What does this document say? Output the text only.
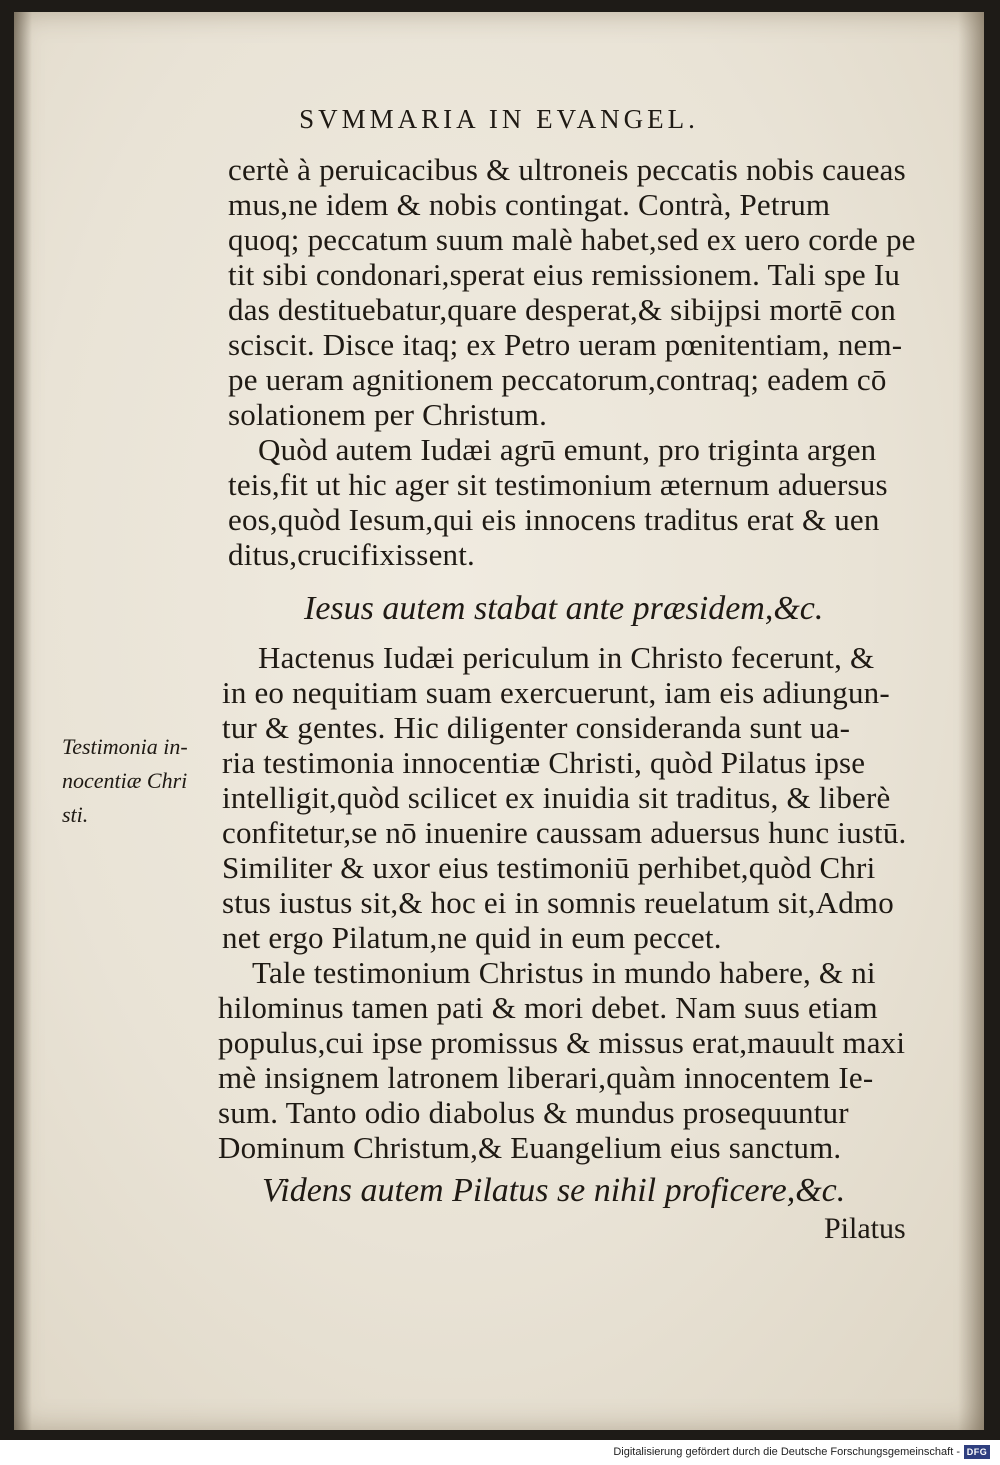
SVMMARIA IN EVANGEL.
certè à peruicacibus & ultroneis peccatis nobis caueas
mus,ne idem & nobis contingat. Contrà, Petrum
quoq; peccatum suum malè habet,sed ex uero corde pe
tit sibi condonari,sperat eius remissionem. Tali spe Iu
das destituebatur,quare desperat,& sibijpsi mortē con
sciscit. Disce itaq; ex Petro ueram pœnitentiam, nem-
pe ueram agnitionem peccatorum,contraq; eadem cō
solationem per Christum.
Quòd autem Iudæi agrū emunt, pro triginta argen
teis,fit ut hic ager sit testimonium æternum aduersus
eos,quòd Iesum,qui eis innocens traditus erat & uen
ditus,crucifixissent.
Iesus autem stabat ante præsidem,&c.
Testimonia in-
nocentiæ Chri
sti.
Hactenus Iudæi periculum in Christo fecerunt, &
in eo nequitiam suam exercuerunt, iam eis adiungun-
tur & gentes. Hic diligenter consideranda sunt ua-
ria testimonia innocentiæ Christi, quòd Pilatus ipse
intelligit,quòd scilicet ex inuidia sit traditus, & liberè
confitetur,se nō inuenire caussam aduersus hunc iustū.
Similiter & uxor eius testimoniū perhibet,quòd Chri
stus iustus sit,& hoc ei in somnis reuelatum sit,Admo
net ergo Pilatum,ne quid in eum peccet.
Tale testimonium Christus in mundo habere, & ni
hilominus tamen pati & mori debet. Nam suus etiam
populus,cui ipse promissus & missus erat,mauult maxi
mè insignem latronem liberari,quàm innocentem Ie-
sum. Tanto odio diabolus & mundus prosequuntur
Dominum Christum,& Euangelium eius sanctum.
Videns autem Pilatus se nihil proficere,&c.
Pilatus
Digitalisierung gefördert durch die Deutsche Forschungsgemeinschaft - DFG
